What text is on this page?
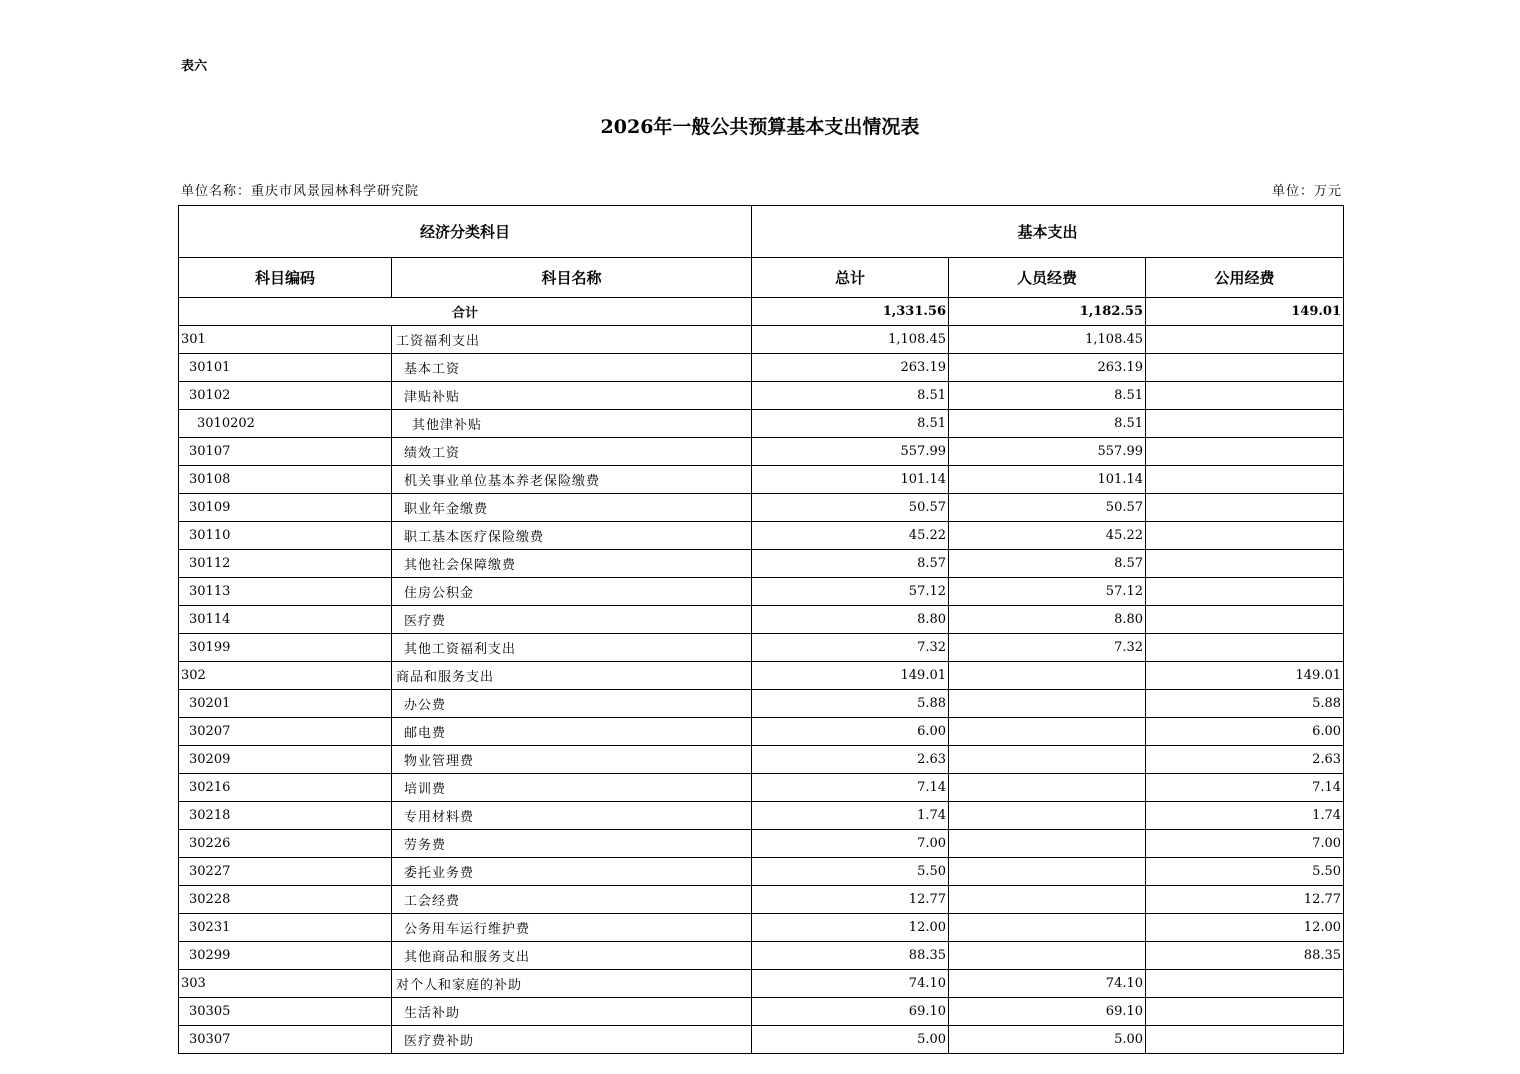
表六
2026年一般公共预算基本支出情况表
单位名称：重庆市风景园林科学研究院	单位：万元
经济分类科目		基本支出		
科目编码	科目名称	总计	人员经费	公用经费
合计		1,331.56	1,182.55	149.01
301	工资福利支出	1,108.45	1,108.45	
30101	基本工资	263.19	263.19	
30102	津贴补贴	8.51	8.51	
3010202	其他津补贴	8.51	8.51	
30107	绩效工资	557.99	557.99	
30108	机关事业单位基本养老保险缴费	101.14	101.14	
30109	职业年金缴费	50.57	50.57	
30110	职工基本医疗保险缴费	45.22	45.22	
30112	其他社会保障缴费	8.57	8.57	
30113	住房公积金	57.12	57.12	
30114	医疗费	8.80	8.80	
30199	其他工资福利支出	7.32	7.32	
302	商品和服务支出	149.01		149.01
30201	办公费	5.88		5.88
30207	邮电费	6.00		6.00
30209	物业管理费	2.63		2.63
30216	培训费	7.14		7.14
30218	专用材料费	1.74		1.74
30226	劳务费	7.00		7.00
30227	委托业务费	5.50		5.50
30228	工会经费	12.77		12.77
30231	公务用车运行维护费	12.00		12.00
30299	其他商品和服务支出	88.35		88.35
303	对个人和家庭的补助	74.10	74.10	
30305	生活补助	69.10	69.10	
30307	医疗费补助	5.00	5.00	
